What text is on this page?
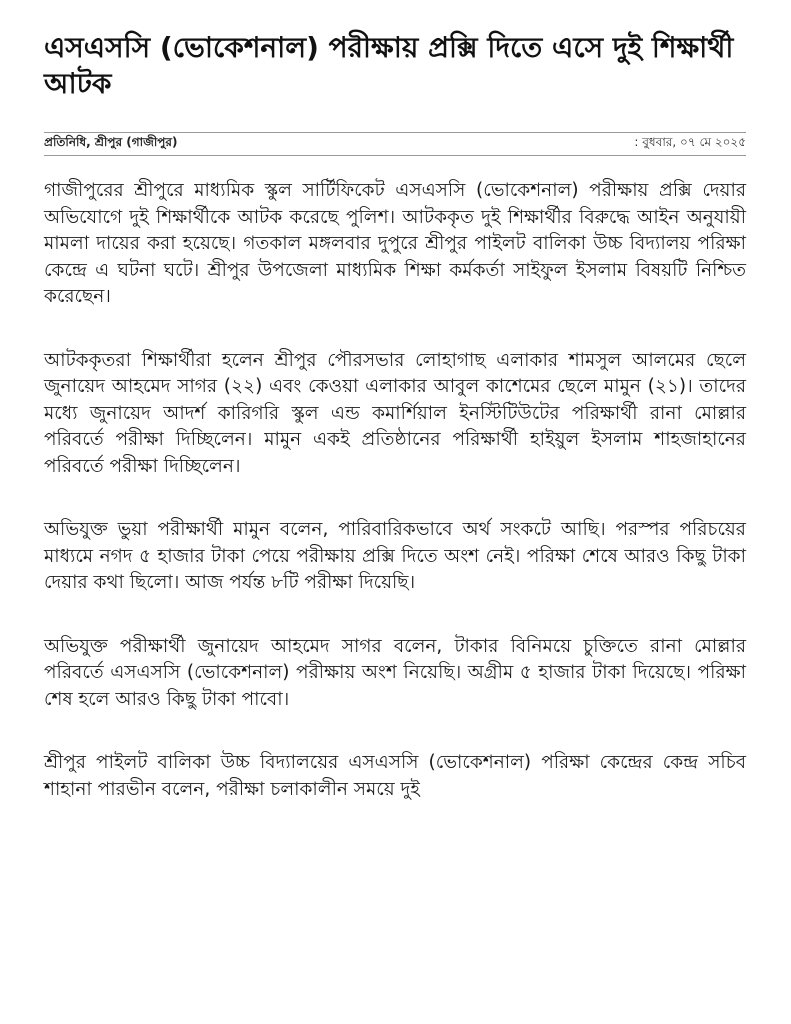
এসএসসি (ভোকেশনাল) পরীক্ষায় প্রক্সি দিতে এসে দুই শিক্ষার্থী আটক
প্রতিনিধি, শ্রীপুর (গাজীপুর)	: বুধবার, ০৭ মে ২০২৫

গাজীপুরের শ্রীপুরে মাধ্যমিক স্কুল সার্টিফিকেট এসএসসি (ভোকেশনাল) পরীক্ষায় প্রক্সি দেয়ার অভিযোগে দুই শিক্ষার্থীকে আটক করেছে পুলিশ। আটককৃত দুই শিক্ষার্থীর বিরুদ্ধে আইন অনুযায়ী মামলা দায়ের করা হয়েছে। গতকাল মঙ্গলবার দুপুরে শ্রীপুর পাইলট বালিকা উচ্চ বিদ্যালয় পরিক্ষা কেন্দ্রে এ ঘটনা ঘটে। শ্রীপুর উপজেলা মাধ্যমিক শিক্ষা কর্মকর্তা সাইফুল ইসলাম বিষয়টি নিশ্চিত করেছেন।

আটককৃতরা শিক্ষার্থীরা হলেন শ্রীপুর পৌরসভার লোহাগাছ এলাকার শামসুল আলমের ছেলে জুনায়েদ আহমেদ সাগর (২২) এবং কেওয়া এলাকার আবুল কাশেমের ছেলে মামুন (২১)। তাদের মধ্যে জুনায়েদ আদর্শ কারিগরি স্কুল এন্ড কমার্শিয়াল ইনস্টিটিউটের পরিক্ষার্থী রানা মোল্লার পরিবর্তে পরীক্ষা দিচ্ছিলেন। মামুন একই প্রতিষ্ঠানের পরিক্ষার্থী হাইয়ুল ইসলাম শাহজাহানের পরিবর্তে পরীক্ষা দিচ্ছিলেন।

অভিযুক্ত ভুয়া পরীক্ষার্থী মামুন বলেন, পারিবারিকভাবে অর্থ সংকটে আছি। পরস্পর পরিচয়ের মাধ্যমে নগদ ৫ হাজার টাকা পেয়ে পরীক্ষায় প্রক্সি দিতে অংশ নেই। পরিক্ষা শেষে আরও কিছু টাকা দেয়ার কথা ছিলো। আজ পর্যন্ত ৮টি পরীক্ষা দিয়েছি।

অভিযুক্ত পরীক্ষার্থী জুনায়েদ আহমেদ সাগর বলেন, টাকার বিনিময়ে চুক্তিতে রানা মোল্লার পরিবর্তে এসএসসি (ভোকেশনাল) পরীক্ষায় অংশ নিয়েছি। অগ্রীম ৫ হাজার টাকা দিয়েছে। পরিক্ষা শেষ হলে আরও কিছু টাকা পাবো।

শ্রীপুর পাইলট বালিকা উচ্চ বিদ্যালয়ের এসএসসি (ভোকেশনাল) পরিক্ষা কেন্দ্রের কেন্দ্র সচিব শাহানা পারভীন বলেন, পরীক্ষা চলাকালীন সময়ে দুই
